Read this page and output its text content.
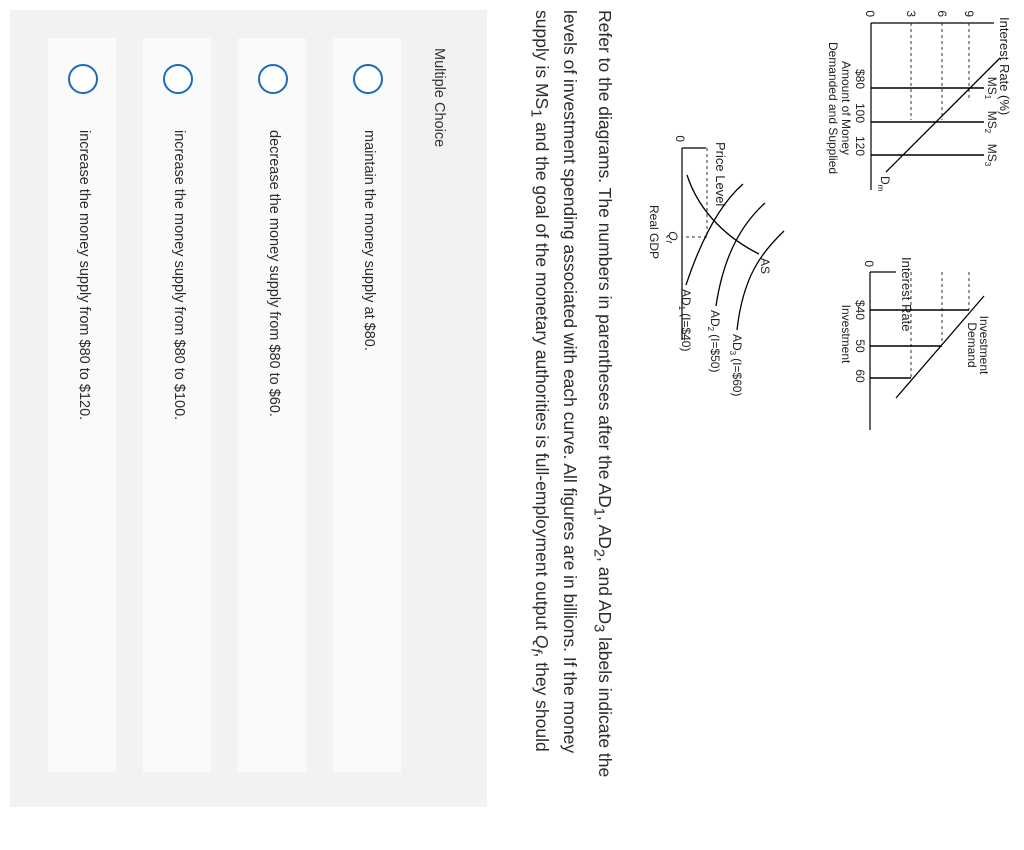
Interest Rate (%)
9
6
3
0
$80
100
120
Amount of Money
Demanded and Supplied	$MS_1$
$MS_2$
$MS_3$
$D_m$
Interest Rate
0
$40
50
60
Investment	Investment
Demand
Price Level
0
Real GDP $Q_f$
AS
$AD_1(I=\$40)$ $AD_2(I=\$50)$ $AD_3(I=\$60)$

Refer to the diagrams. The numbers in parentheses after the $AD_1$, $AD_2$, and $AD_3$ labels indicate the levels of investment spending associated with each curve. All figures are in billions. If the money supply is $MS_1$ and the goal of the monetary authorities is full-employment output $Q_f$, they should

Multiple Choice
maintain the money supply at $80.
decrease the money supply from $80 to $60.
increase the money supply from $80 to $100.
increase the money supply from $80 to $120.
